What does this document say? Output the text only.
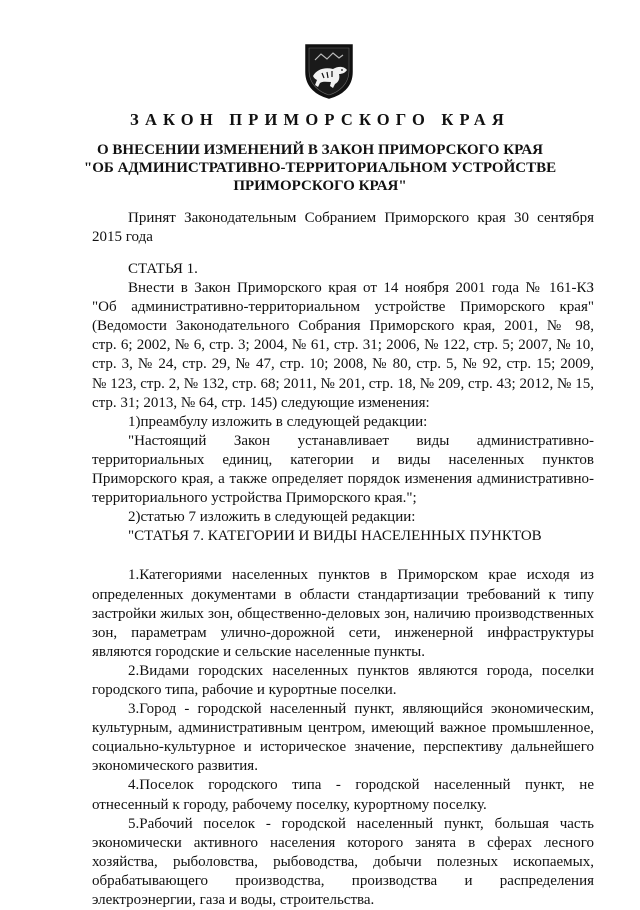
ЗАКОН ПРИМОРСКОГО КРАЯ
О ВНЕСЕНИИ ИЗМЕНЕНИЙ В ЗАКОН ПРИМОРСКОГО КРАЯ
"ОБ АДМИНИСТРАТИВНО-ТЕРРИТОРИАЛЬНОМ УСТРОЙСТВЕ
ПРИМОРСКОГО КРАЯ"
Принят Законодательным Собранием Приморского края 30 сентября
2015 года
СТАТЬЯ 1.
Внести в Закон Приморского края от 14 ноября 2001 года № 161-КЗ
"Об административно-территориальном устройстве Приморского края"
(Ведомости Законодательного Собрания Приморского края, 2001, № 98,
стр. 6; 2002, № 6, стр. 3; 2004, № 61, стр. 31; 2006, № 122, стр. 5; 2007, № 10,
стр. 3, № 24, стр. 29, № 47, стр. 10; 2008, № 80, стр. 5, № 92, стр. 15; 2009,
№ 123, стр. 2, № 132, стр. 68; 2011, № 201, стр. 18, № 209, стр. 43; 2012, № 15,
стр. 31; 2013, № 64, стр. 145) следующие изменения:
1)преамбулу изложить в следующей редакции:
"Настоящий Закон устанавливает виды административно-
территориальных единиц, категории и виды населенных пунктов
Приморского края, а также определяет порядок изменения административно-
территориального устройства Приморского края.";
2)статью 7 изложить в следующей редакции:
"СТАТЬЯ 7. КАТЕГОРИИ И ВИДЫ НАСЕЛЕННЫХ ПУНКТОВ
1.Категориями населенных пунктов в Приморском крае исходя из
определенных документами в области стандартизации требований к типу
застройки жилых зон, общественно-деловых зон, наличию производственных
зон, параметрам улично-дорожной сети, инженерной инфраструктуры
являются городские и сельские населенные пункты.
2.Видами городских населенных пунктов являются города, поселки
городского типа, рабочие и курортные поселки.
3.Город - городской населенный пункт, являющийся экономическим,
культурным, административным центром, имеющий важное промышленное,
социально-культурное и историческое значение, перспективу дальнейшего
экономического развития.
4.Поселок городского типа - городской населенный пункт, не
отнесенный к городу, рабочему поселку, курортному поселку.
5.Рабочий поселок - городской населенный пункт, большая часть
экономически активного населения которого занята в сферах лесного
хозяйства, рыболовства, рыбоводства, добычи полезных ископаемых,
обрабатывающего производства, производства и распределения
электроэнергии, газа и воды, строительства.
